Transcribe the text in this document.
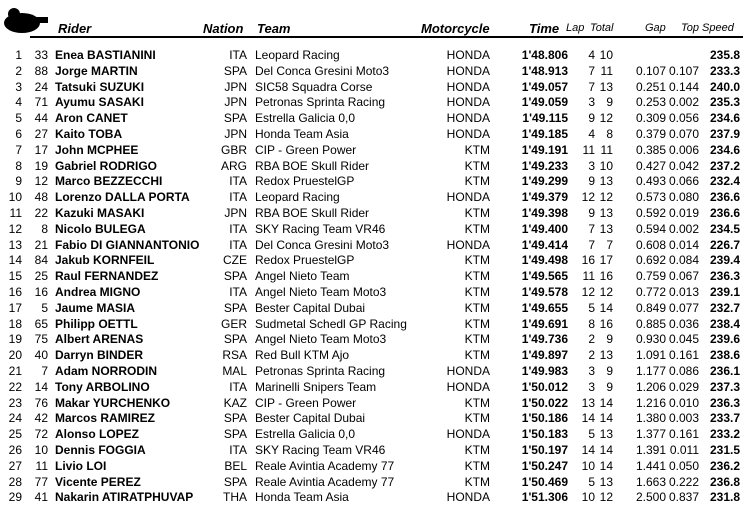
Rider	Nation Team	Motorcycle	Time Lap Total	Gap Top Speed
1	33 Enea BASTIANINI	ITA Leopard Racing	HONDA	1'48.806	4 10	235.8
2	88 Jorge MARTIN	SPA Del Conca Gresini Moto3	HONDA	1'48.913	7 11	0.107 0.107 233.3
3	24 Tatsuki SUZUKI	JPN SIC58 Squadra Corse	HONDA	1'49.057	7 13	0.251 0.144 240.0
4	71 Ayumu SASAKI	JPN Petronas Sprinta Racing	HONDA	1'49.059	3 9	0.253 0.002 235.3
5	44 Aron CANET	SPA Estrella Galicia 0,0	HONDA	1'49.115	9 12	0.309 0.056 234.6
6	27 Kaito TOBA	JPN Honda Team Asia	HONDA	1'49.185	4 8	0.379 0.070 237.9
7	17 John MCPHEE	GBR CIP - Green Power	KTM	1'49.191 11 11	0.385 0.006 234.6
8	19 Gabriel RODRIGO	ARG RBA BOE Skull Rider	KTM	1'49.233	3 10	0.427 0.042 237.2
9	12 Marco BEZZECCHI	ITA Redox PruestelGP	KTM	1'49.299	9 13	0.493 0.066 232.4
10	48 Lorenzo DALLA PORTA	ITA Leopard Racing	HONDA	1'49.379 12 12	0.573 0.080 236.6
11	22 Kazuki MASAKI	JPN RBA BOE Skull Rider	KTM	1'49.398	9 13	0.592 0.019 236.6
12	8 Nicolo BULEGA	ITA SKY Racing Team VR46	KTM	1'49.400	7 13	0.594 0.002 234.5
13	21 Fabio DI GIANNANTONIO	ITA Del Conca Gresini Moto3	HONDA	1'49.414	7 7	0.608 0.014 226.7
14	84 Jakub KORNFEIL	CZE Redox PruestelGP	KTM	1'49.498 16 17	0.692 0.084 239.4
15	25 Raul FERNANDEZ	SPA Angel Nieto Team	KTM	1'49.565 11 16	0.759 0.067 236.3
16	16 Andrea MIGNO	ITA Angel Nieto Team Moto3	KTM	1'49.578 12 12	0.772 0.013 239.1
17	5 Jaume MASIA	SPA Bester Capital Dubai	KTM	1'49.655	5 14	0.849 0.077 232.7
18	65 Philipp OETTL	GER Sudmetal Schedl GP Racing	KTM	1'49.691	8 16	0.885 0.036 238.4
19	75 Albert ARENAS	SPA Angel Nieto Team Moto3	KTM	1'49.736	2 9	0.930 0.045 239.6
20	40 Darryn BINDER	RSA Red Bull KTM Ajo	KTM	1'49.897	2 13	1.091 0.161 238.6
21	7 Adam NORRODIN	MAL Petronas Sprinta Racing	HONDA	1'49.983	3 9	1.177 0.086 236.1
22	14 Tony ARBOLINO	ITA Marinelli Snipers Team	HONDA	1'50.012	3 9	1.206 0.029 237.3
23	76 Makar YURCHENKO	KAZ CIP - Green Power	KTM	1'50.022 13 14	1.216 0.010 236.3
24	42 Marcos RAMIREZ	SPA Bester Capital Dubai	KTM	1'50.186 14 14	1.380 0.003 233.7
25	72 Alonso LOPEZ	SPA Estrella Galicia 0,0	HONDA	1'50.183	5 13	1.377 0.161 233.2
26	10 Dennis FOGGIA	ITA SKY Racing Team VR46	KTM	1'50.197 14 14	1.391 0.011 231.5
27	11 Livio LOI	BEL Reale Avintia Academy 77	KTM	1'50.247 10 14	1.441 0.050 236.2
28	77 Vicente PEREZ	SPA Reale Avintia Academy 77	KTM	1'50.469	5 13	1.663 0.222 236.8
29	41 Nakarin ATIRATPHUVAP	THA Honda Team Asia	HONDA	1'51.306 10 12	2.500 0.837 231.8
